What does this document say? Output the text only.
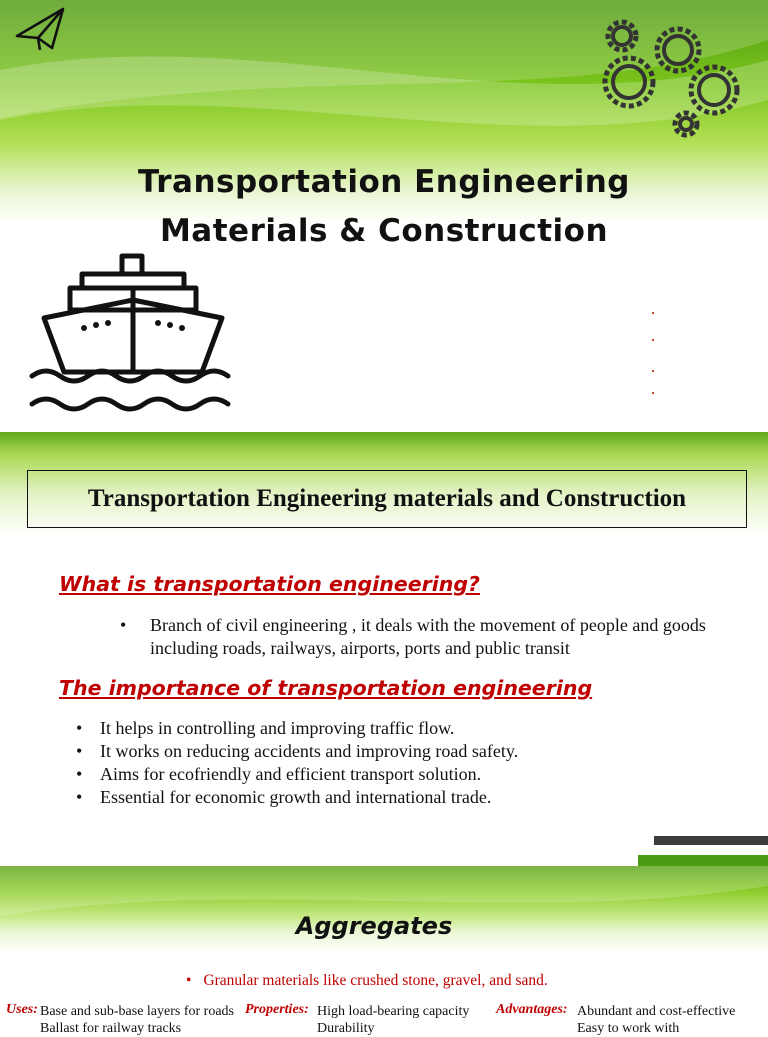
Transportation Engineering
Materials & Construction
Transportation Engineering materials and Construction
What is transportation engineering?
• Branch of civil engineering , it deals with the movement of people and goods including roads, railways, airports, ports and public transit
The importance of transportation engineering
• It helps in controlling and improving traffic flow.
• It works on reducing accidents and improving road safety.
• Aims for ecofriendly and efficient transport solution.
• Essential for economic growth and international trade.
Aggregates
• Granular materials like crushed stone, gravel, and sand.
Uses: Base and sub-base layers for roads
Ballast for railway tracks
Properties: High load-bearing capacity
Durability
Advantages: Abundant and cost-effective
Easy to work with
